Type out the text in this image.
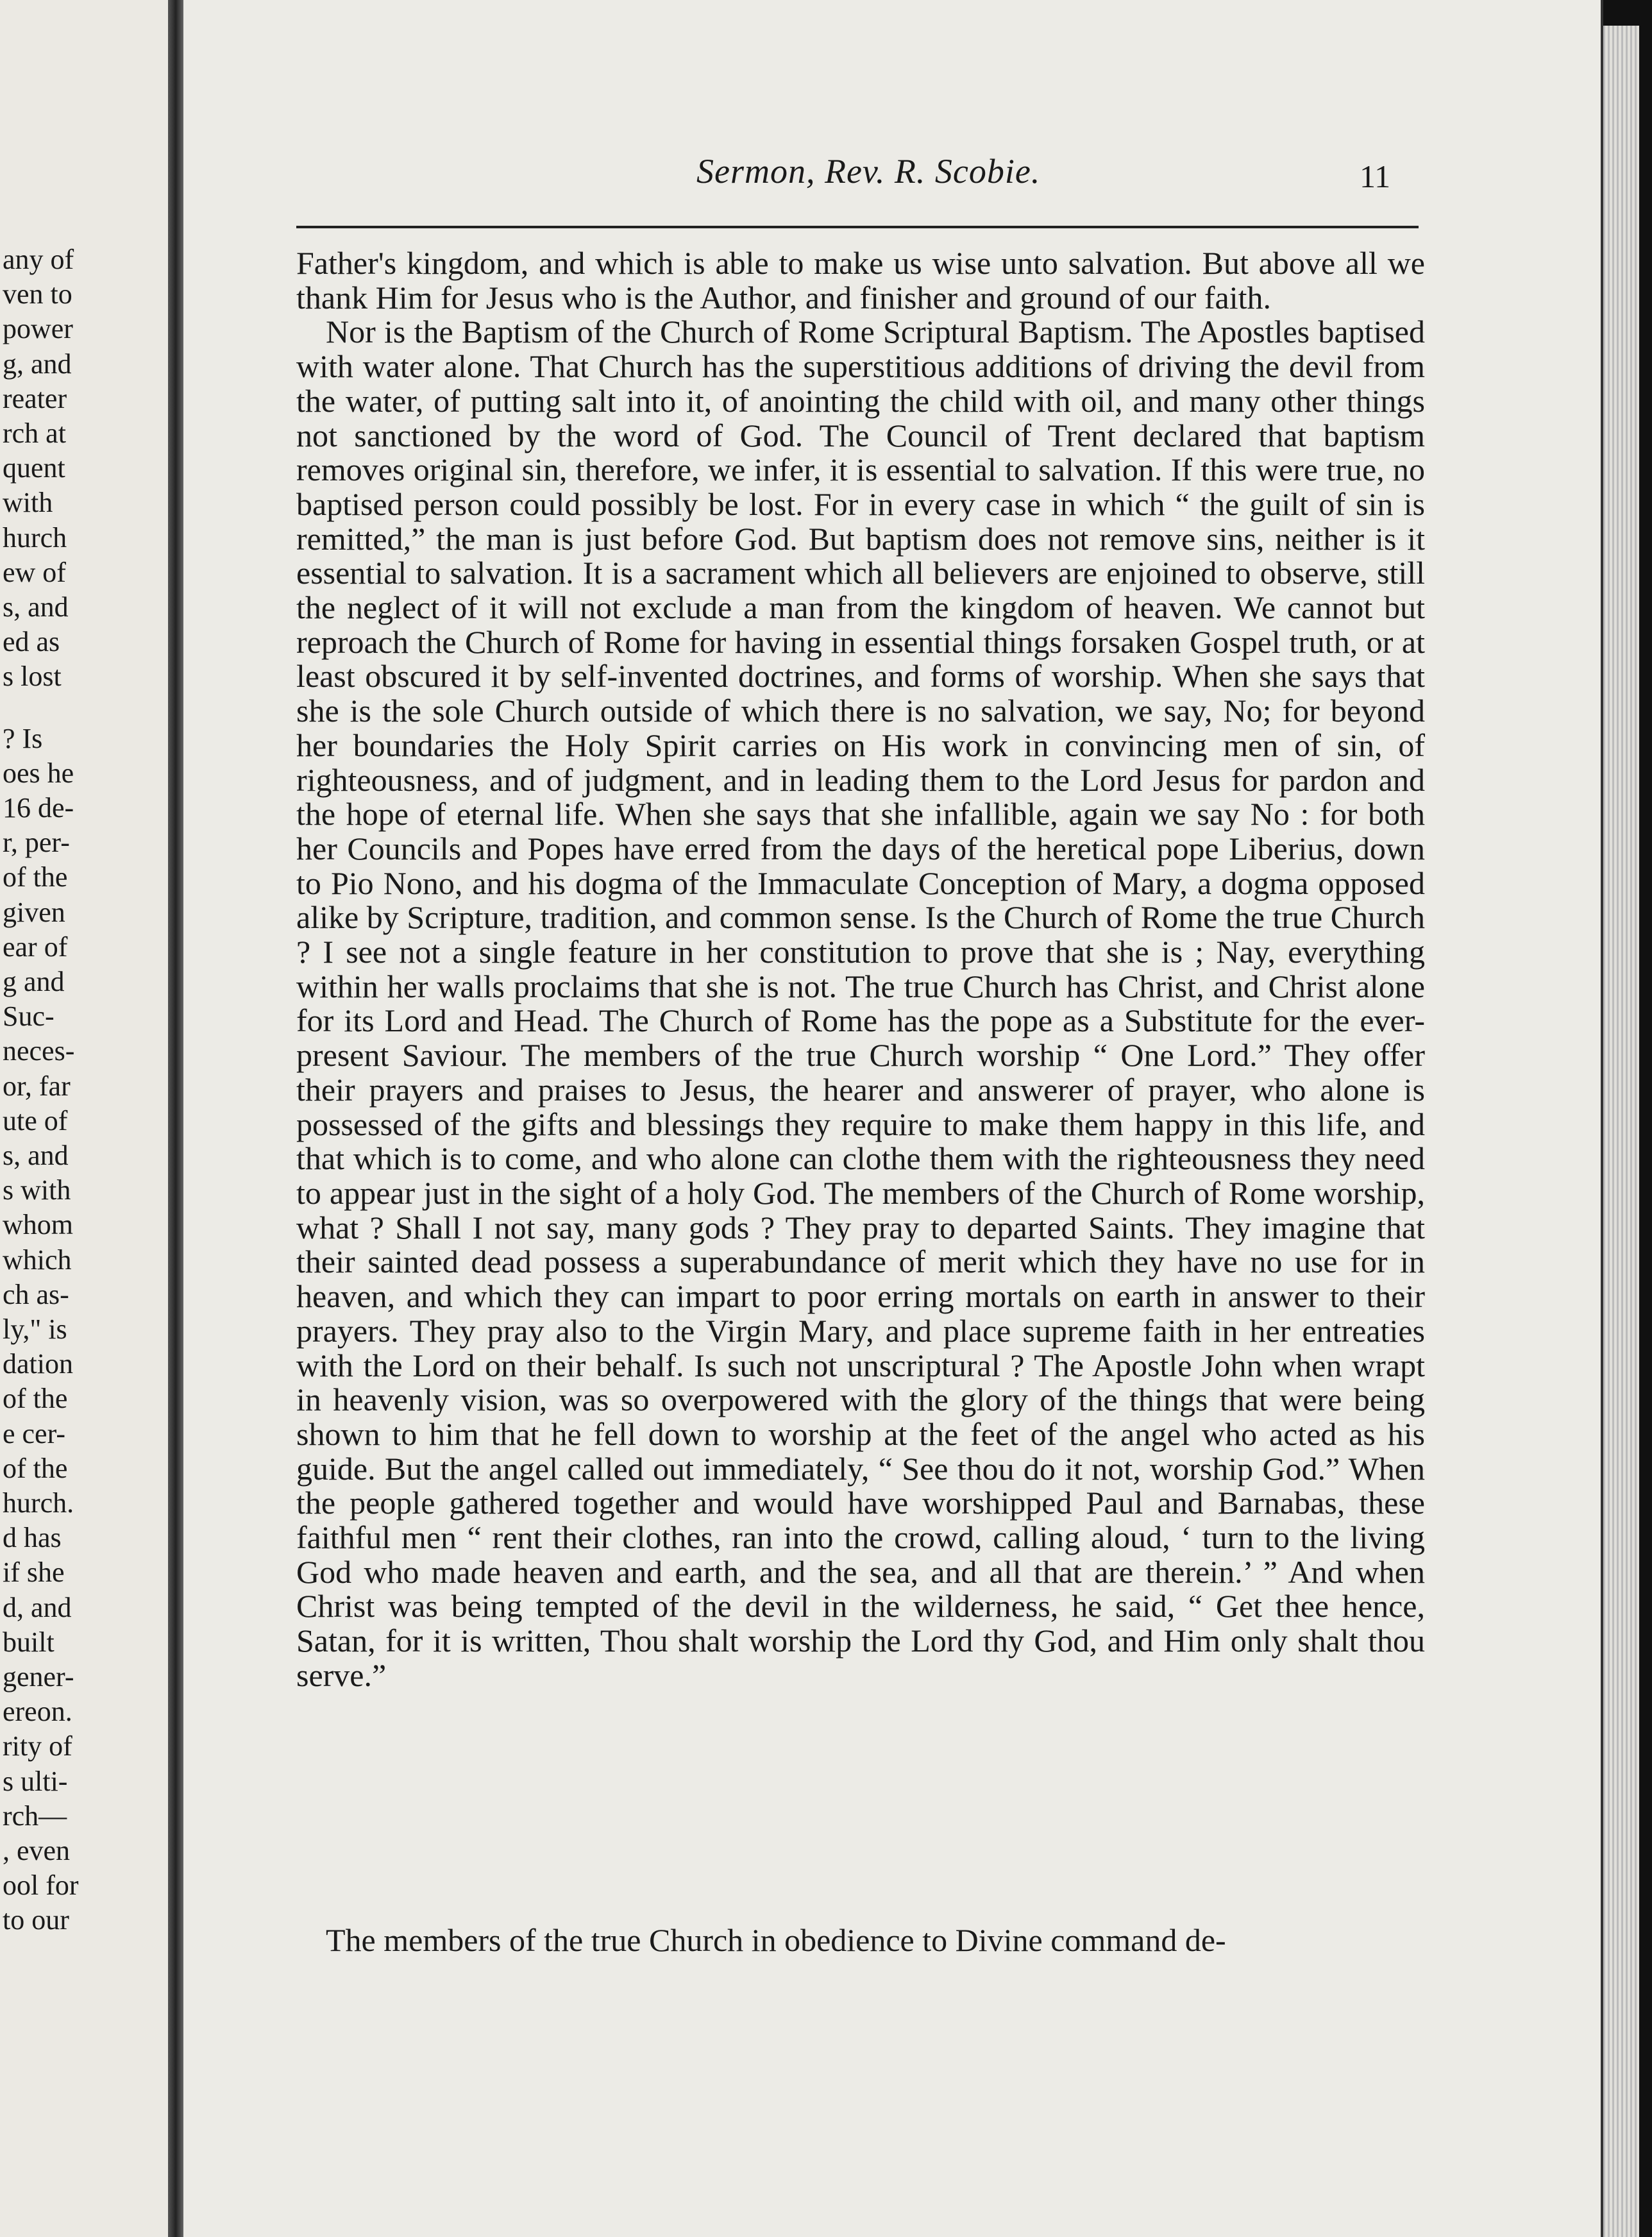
any of
ven to
power
g, and
reater
rch at
quent
with
hurch
ew of
s, and
ed as
s lost
? Is
oes he
16 de-
r, per-
of the
given
ear of
g and
Suc-
neces-
or, far
ute of
s, and
s with
whom
which
ch as-
ly," is
dation
of the
e cer-
of the
hurch.
d has
if she
d, and
built
gener-
ereon.
rity of
s ulti-
rch—
, even
ool for
to our
Sermon, Rev. R. Scobie.	11

Father's kingdom, and which is able to make us wise unto salvation. But above all we thank Him for Jesus who is the Author, and finisher and ground of our faith.

Nor is the Baptism of the Church of Rome Scriptural Baptism. The Apostles baptised with water alone. That Church has the superstitious additions of driving the devil from the water, of putting salt into it, of anointing the child with oil, and many other things not sanctioned by the word of God. The Council of Trent declared that baptism removes original sin, therefore, we infer, it is essential to salvation. If this were true, no baptised person could possibly be lost. For in every case in which “ the guilt of sin is remitted,” the man is just before God. But baptism does not remove sins, neither is it essential to salvation. It is a sacrament which all believers are enjoined to observe, still the neglect of it will not exclude a man from the kingdom of heaven. We cannot but reproach the Church of Rome for having in essential things forsaken Gospel truth, or at least obscured it by self-invented doctrines, and forms of worship. When she says that she is the sole Church outside of which there is no salvation, we say, No; for beyond her boundaries the Holy Spirit carries on His work in convincing men of sin, of righteousness, and of judgment, and in leading them to the Lord Jesus for pardon and the hope of eternal life. When she says that she infallible, again we say No : for both her Councils and Popes have erred from the days of the heretical pope Liberius, down to Pio Nono, and his dogma of the Immaculate Conception of Mary, a dogma opposed alike by Scripture, tradition, and common sense. Is the Church of Rome the true Church ? I see not a single feature in her constitution to prove that she is ; Nay, everything within her walls proclaims that she is not. The true Church has Christ, and Christ alone for its Lord and Head. The Church of Rome has the pope as a Substitute for the ever-present Saviour. The members of the true Church worship “ One Lord.” They offer their prayers and praises to Jesus, the hearer and answerer of prayer, who alone is possessed of the gifts and blessings they require to make them happy in this life, and that which is to come, and who alone can clothe them with the righteousness they need to appear just in the sight of a holy God. The members of the Church of Rome worship, what ? Shall I not say, many gods ? They pray to departed Saints. They imagine that their sainted dead possess a superabundance of merit which they have no use for in heaven, and which they can impart to poor erring mortals on earth in answer to their prayers. They pray also to the Virgin Mary, and place supreme faith in her entreaties with the Lord on their behalf. Is such not unscriptural ? The Apostle John when wrapt in heavenly vision, was so overpowered with the glory of the things that were being shown to him that he fell down to worship at the feet of the angel who acted as his guide. But the angel called out immediately, “ See thou do it not, worship God.” When the people gathered together and would have worshipped Paul and Barnabas, these faithful men “ rent their clothes, ran into the crowd, calling aloud, ‘ turn to the living God who made heaven and earth, and the sea, and all that are therein.’ ” And when Christ was being tempted of the devil in the wilderness, he said, “ Get thee hence, Satan, for it is written, Thou shalt worship the Lord thy God, and Him only shalt thou serve.”

The members of the true Church in obedience to Divine command de-
